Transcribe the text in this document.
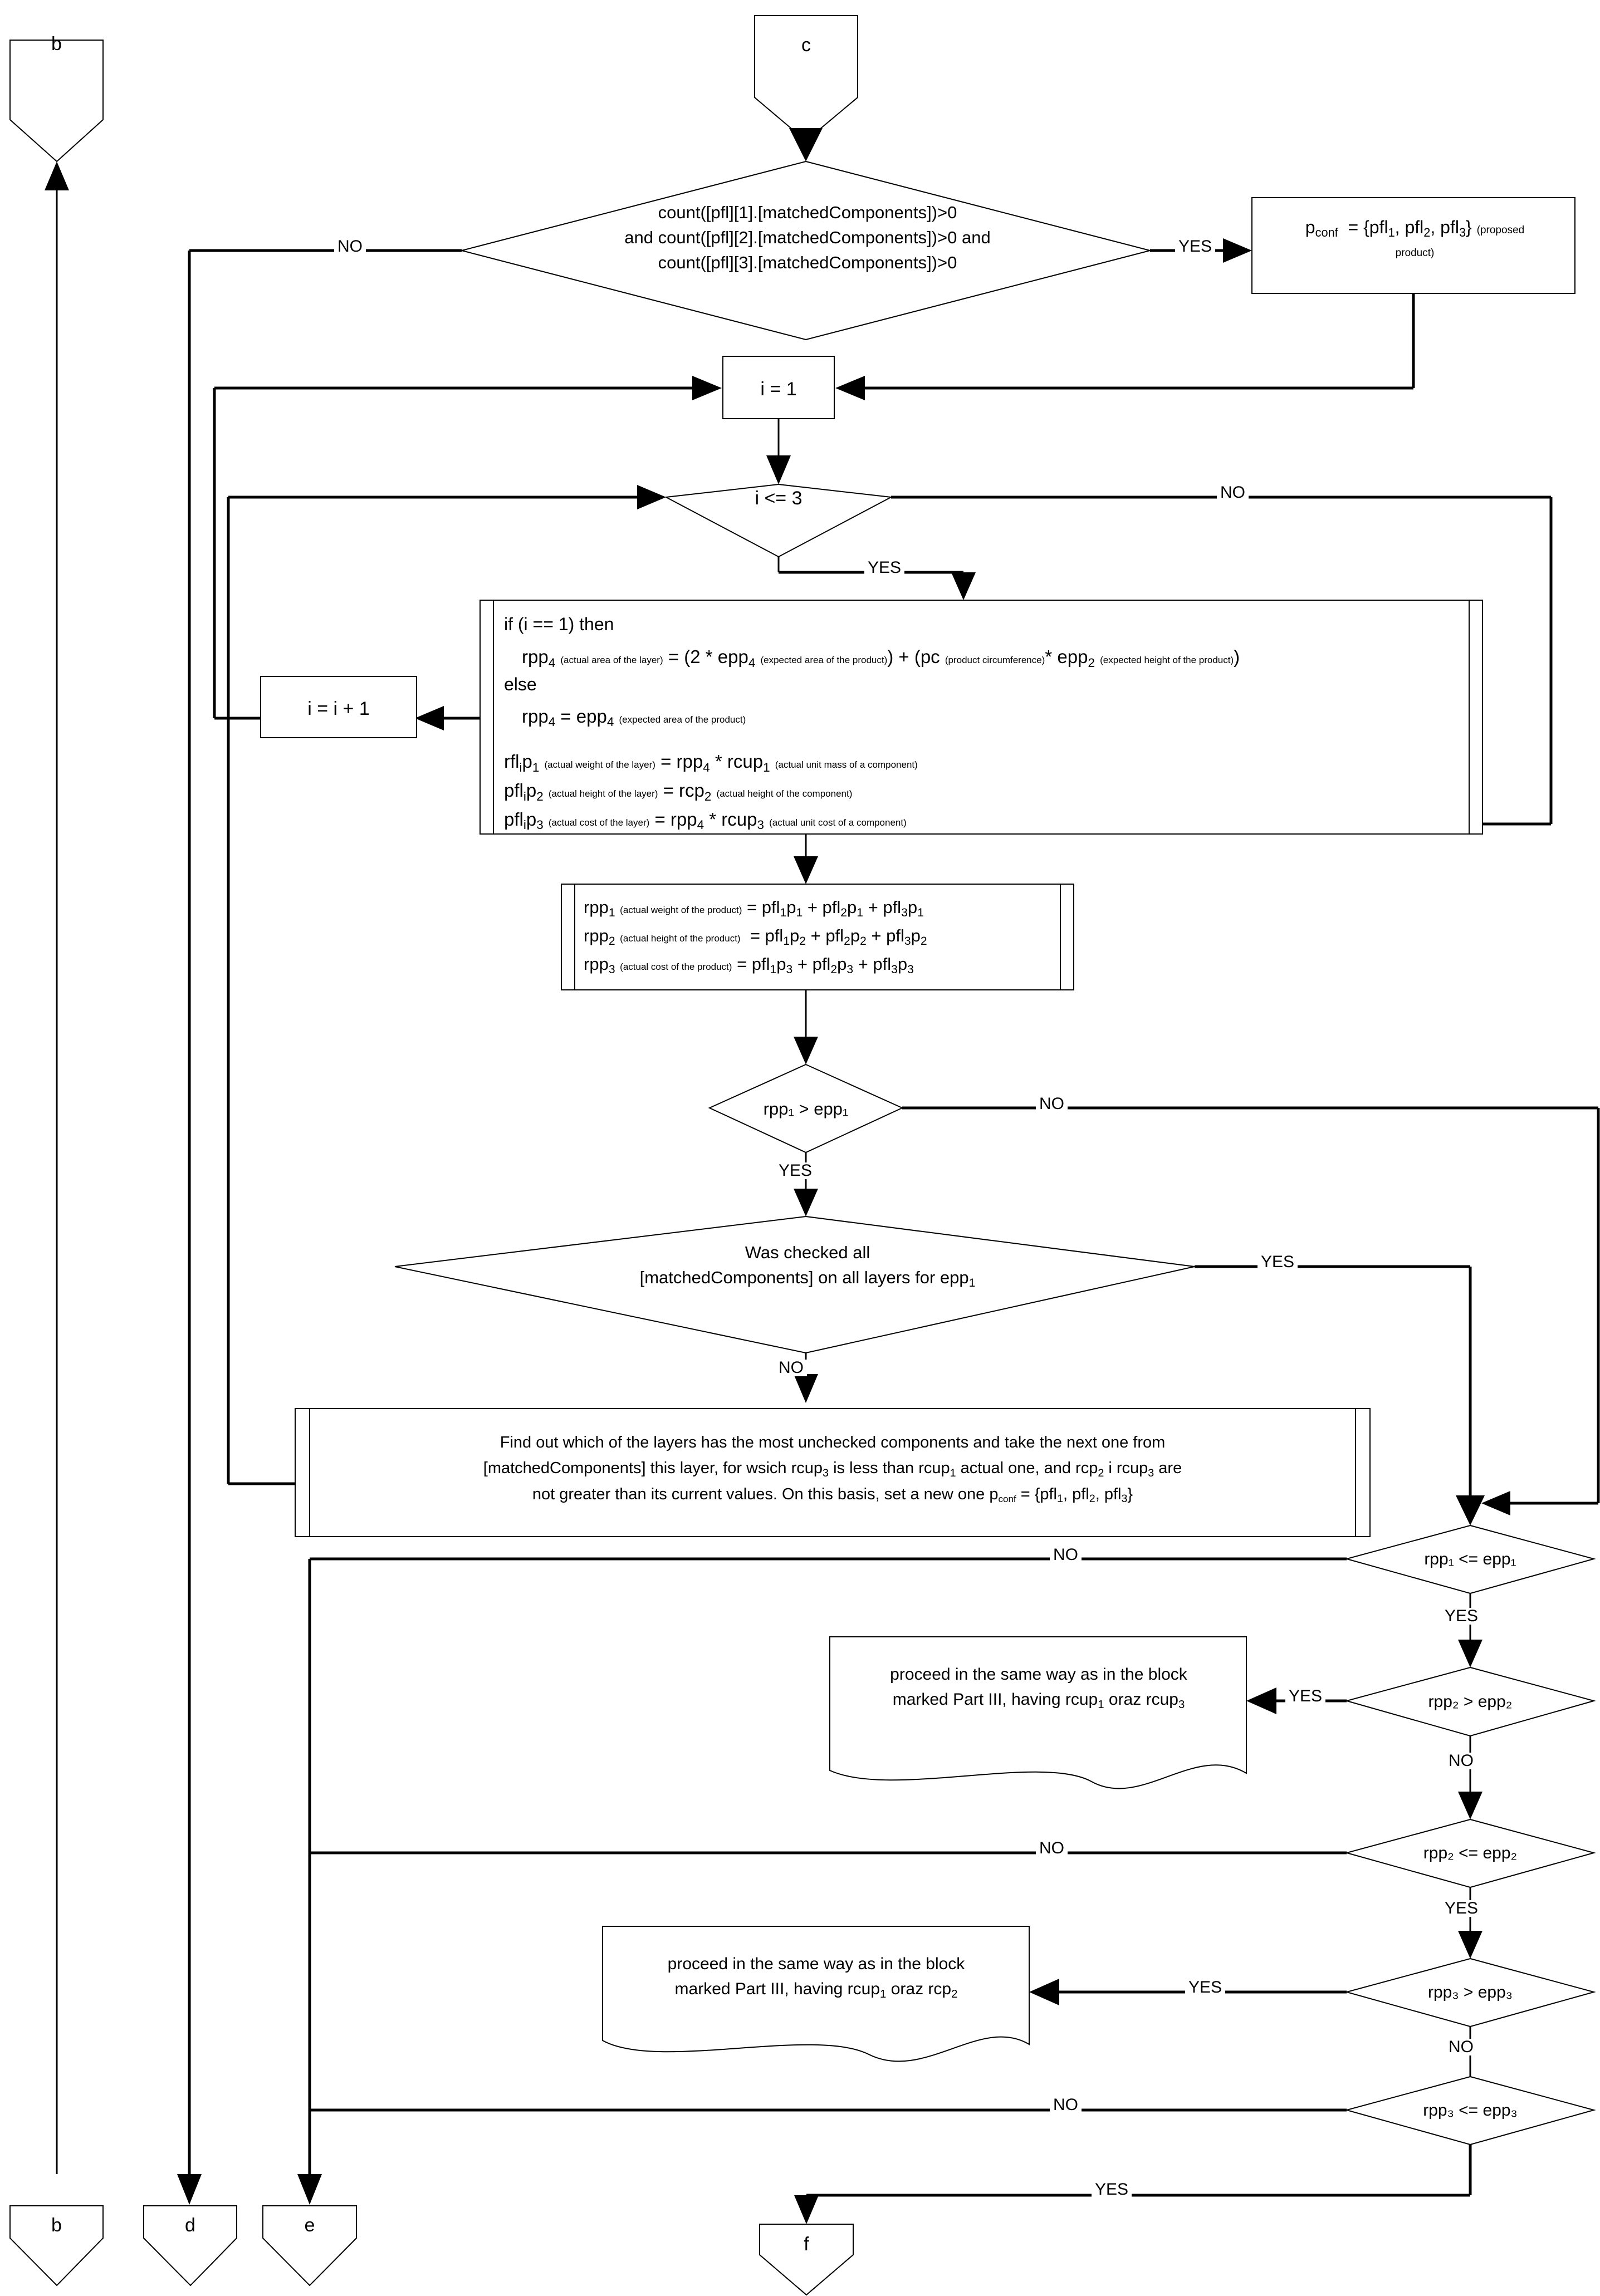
b	c
b	d	e
f
count([pfl][1].[matchedComponents])>0
and count([pfl][2].[matchedComponents])>0 and
count([pfl][3].[matchedComponents])>0
$p_{conf} = \{pfl_1$, pfl$_2$, pfl$_3$} (proposed
product)
i = 1
i <= 3
i = i + 1
if (i == 1) then
rpp$_4$ (actual area of the layer) = (2 * epp$_4$ (expected area of the product)) + (pc (product circumference)* epp$_2$ (expected height of the product))
else
rpp$_4$ = epp$_4$ (expected area of the product)
$rfl_ip_1$ (actual weight of the layer) = rpp$_4$ * rcup$_1$ (actual unit mass of a component)
$pfl_ip_2$ (actual height of the layer) = rcp$_2$ (actual height of the component)
$pfl_ip_3$ (actual cost of the layer) = rpp$_4$ * rcup$_3$ (actual unit cost of a component)
rpp$_1$ (actual weight of the product) = $pfl_1p_1 + pfl_2p_1 + pfl_3p_1$
rpp$_2$ (actual height of the product)  = $pfl_1p_2 + pfl_2p_2 + pfl_3p_2$
rpp$_3$ (actual cost of the product) = $pfl_1p_3 + pfl_2p_3 + pfl_3p_3$
rpp₁ > epp₁
Was checked all
[matchedComponents] on all layers for epp$_1$
Find out which of the layers has the most unchecked components and take the next one from
[matchedComponents] this layer, for wsich rcup$_3$ is less than rcup$_1$ actual one, and rcp$_2$ i rcup$_3$ are
not greater than its current values. On this basis, set a new one $p_{conf} = \{pfl_1$, pfl$_2$, pfl$_3$}
rpp₁ <= epp₁
rpp₂ > epp₂
rpp₂ <= epp₂
rpp₃ > epp₃
rpp₃ <= epp₃
proceed in the same way as in the block
marked Part III, having rcup$_1$ oraz rcup$_3$
proceed in the same way as in the block
marked Part III, having rcup$_1$ oraz rcp$_2$
NO	YES
NO
YES
NO
YES
YES
NO
NO
YES
YES
NO
NO
YES
YES
NO
NO
YES
